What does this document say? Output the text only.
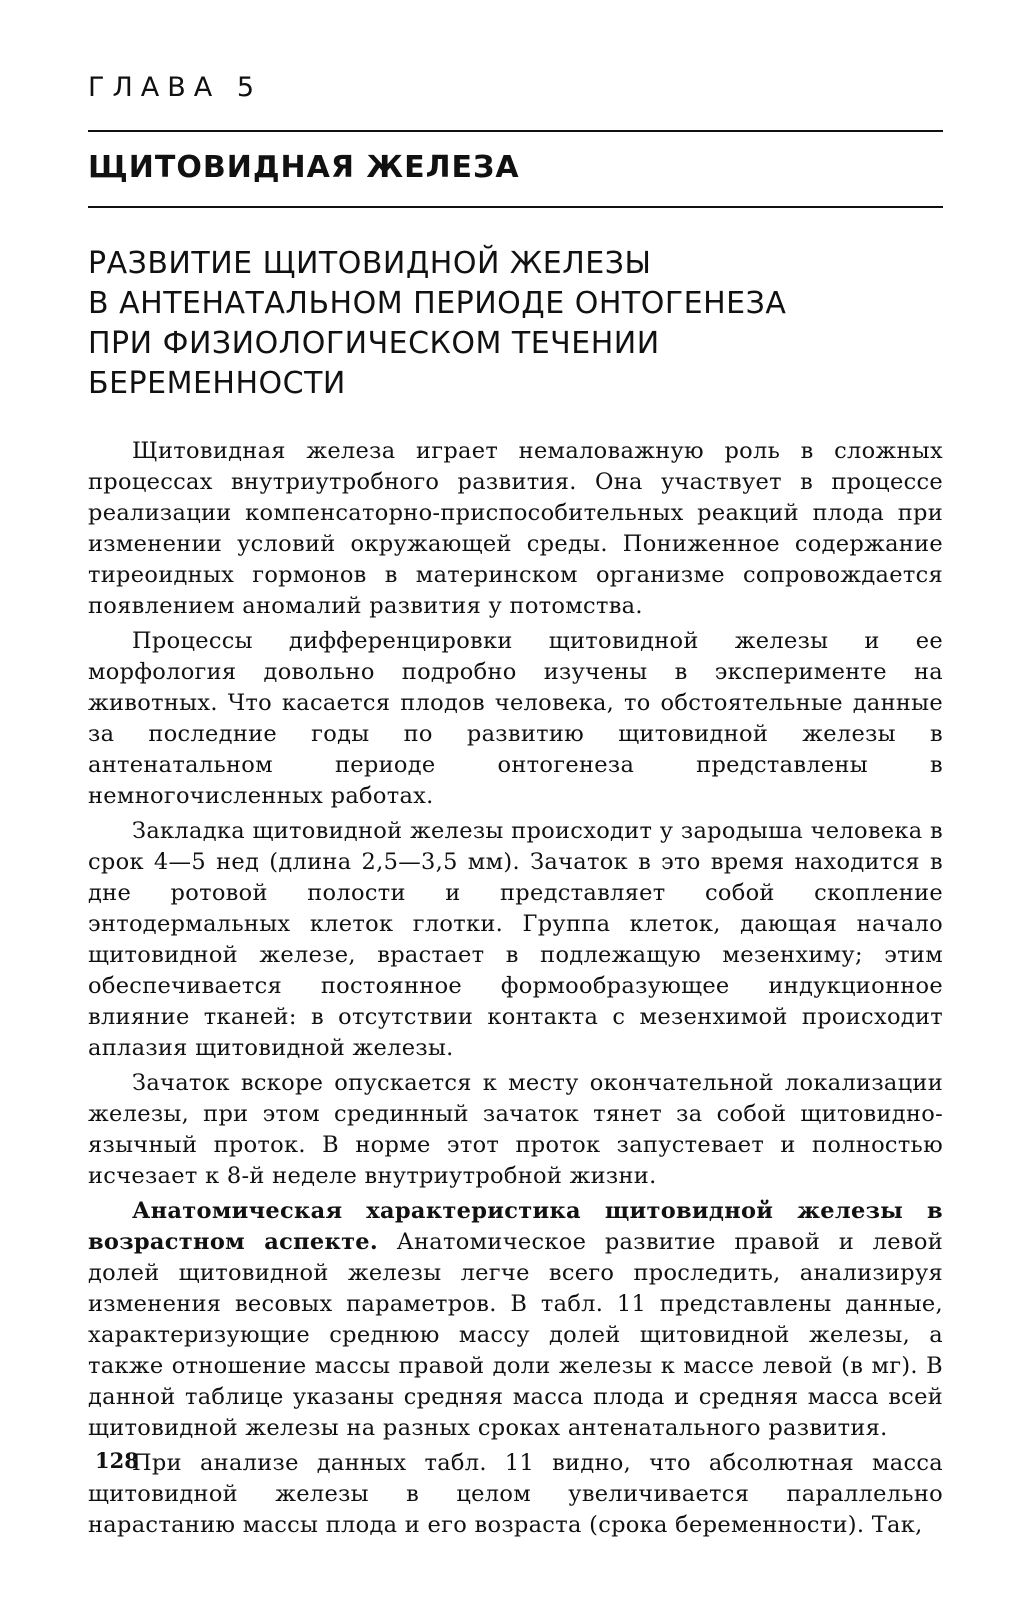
ГЛАВА 5
ЩИТОВИДНАЯ ЖЕЛЕЗА
РАЗВИТИЕ ЩИТОВИДНОЙ ЖЕЛЕЗЫ
В АНТЕНАТАЛЬНОМ ПЕРИОДЕ ОНТОГЕНЕЗА
ПРИ ФИЗИОЛОГИЧЕСКОМ ТЕЧЕНИИ
БЕРЕМЕННОСТИ

Щитовидная железа играет немаловажную роль в сложных процессах внутриутробного развития. Она участвует в процессе реализации компенсаторно-приспособительных реакций плода при изменении условий окружающей среды. Пониженное содержание тиреоидных гормонов в материнском организме сопровождается появлением аномалий развития у потомства.

Процессы дифференцировки щитовидной железы и ее морфология довольно подробно изучены в эксперименте на животных. Что касается плодов человека, то обстоятельные данные за последние годы по развитию щитовидной железы в антенатальном периоде онтогенеза представлены в немногочисленных работах.

Закладка щитовидной железы происходит у зародыша человека в срок 4—5 нед (длина 2,5—3,5 мм). Зачаток в это время находится в дне ротовой полости и представляет собой скопление энтодермальных клеток глотки. Группа клеток, дающая начало щитовидной железе, врастает в подлежащую мезенхиму; этим обеспечивается постоянное формообразующее индукционное влияние тканей: в отсутствии контакта с мезенхимой происходит аплазия щитовидной железы.

Зачаток вскоре опускается к месту окончательной локализации железы, при этом срединный зачаток тянет за собой щитовидно-язычный проток. В норме этот проток запустевает и полностью исчезает к 8-й неделе внутриутробной жизни.

Анатомическая характеристика щитовидной железы в возрастном аспекте. Анатомическое развитие правой и левой долей щитовидной железы легче всего проследить, анализируя изменения весовых параметров. В табл. 11 представлены данные, характеризующие среднюю массу долей щитовидной железы, а также отношение массы правой доли железы к массе левой (в мг). В данной таблице указаны средняя масса плода и средняя масса всей щитовидной железы на разных сроках антенатального развития.

При анализе данных табл. 11 видно, что абсолютная масса щитовидной железы в целом увеличивается параллельно нарастанию массы плода и его возраста (срока беременности). Так,

128
